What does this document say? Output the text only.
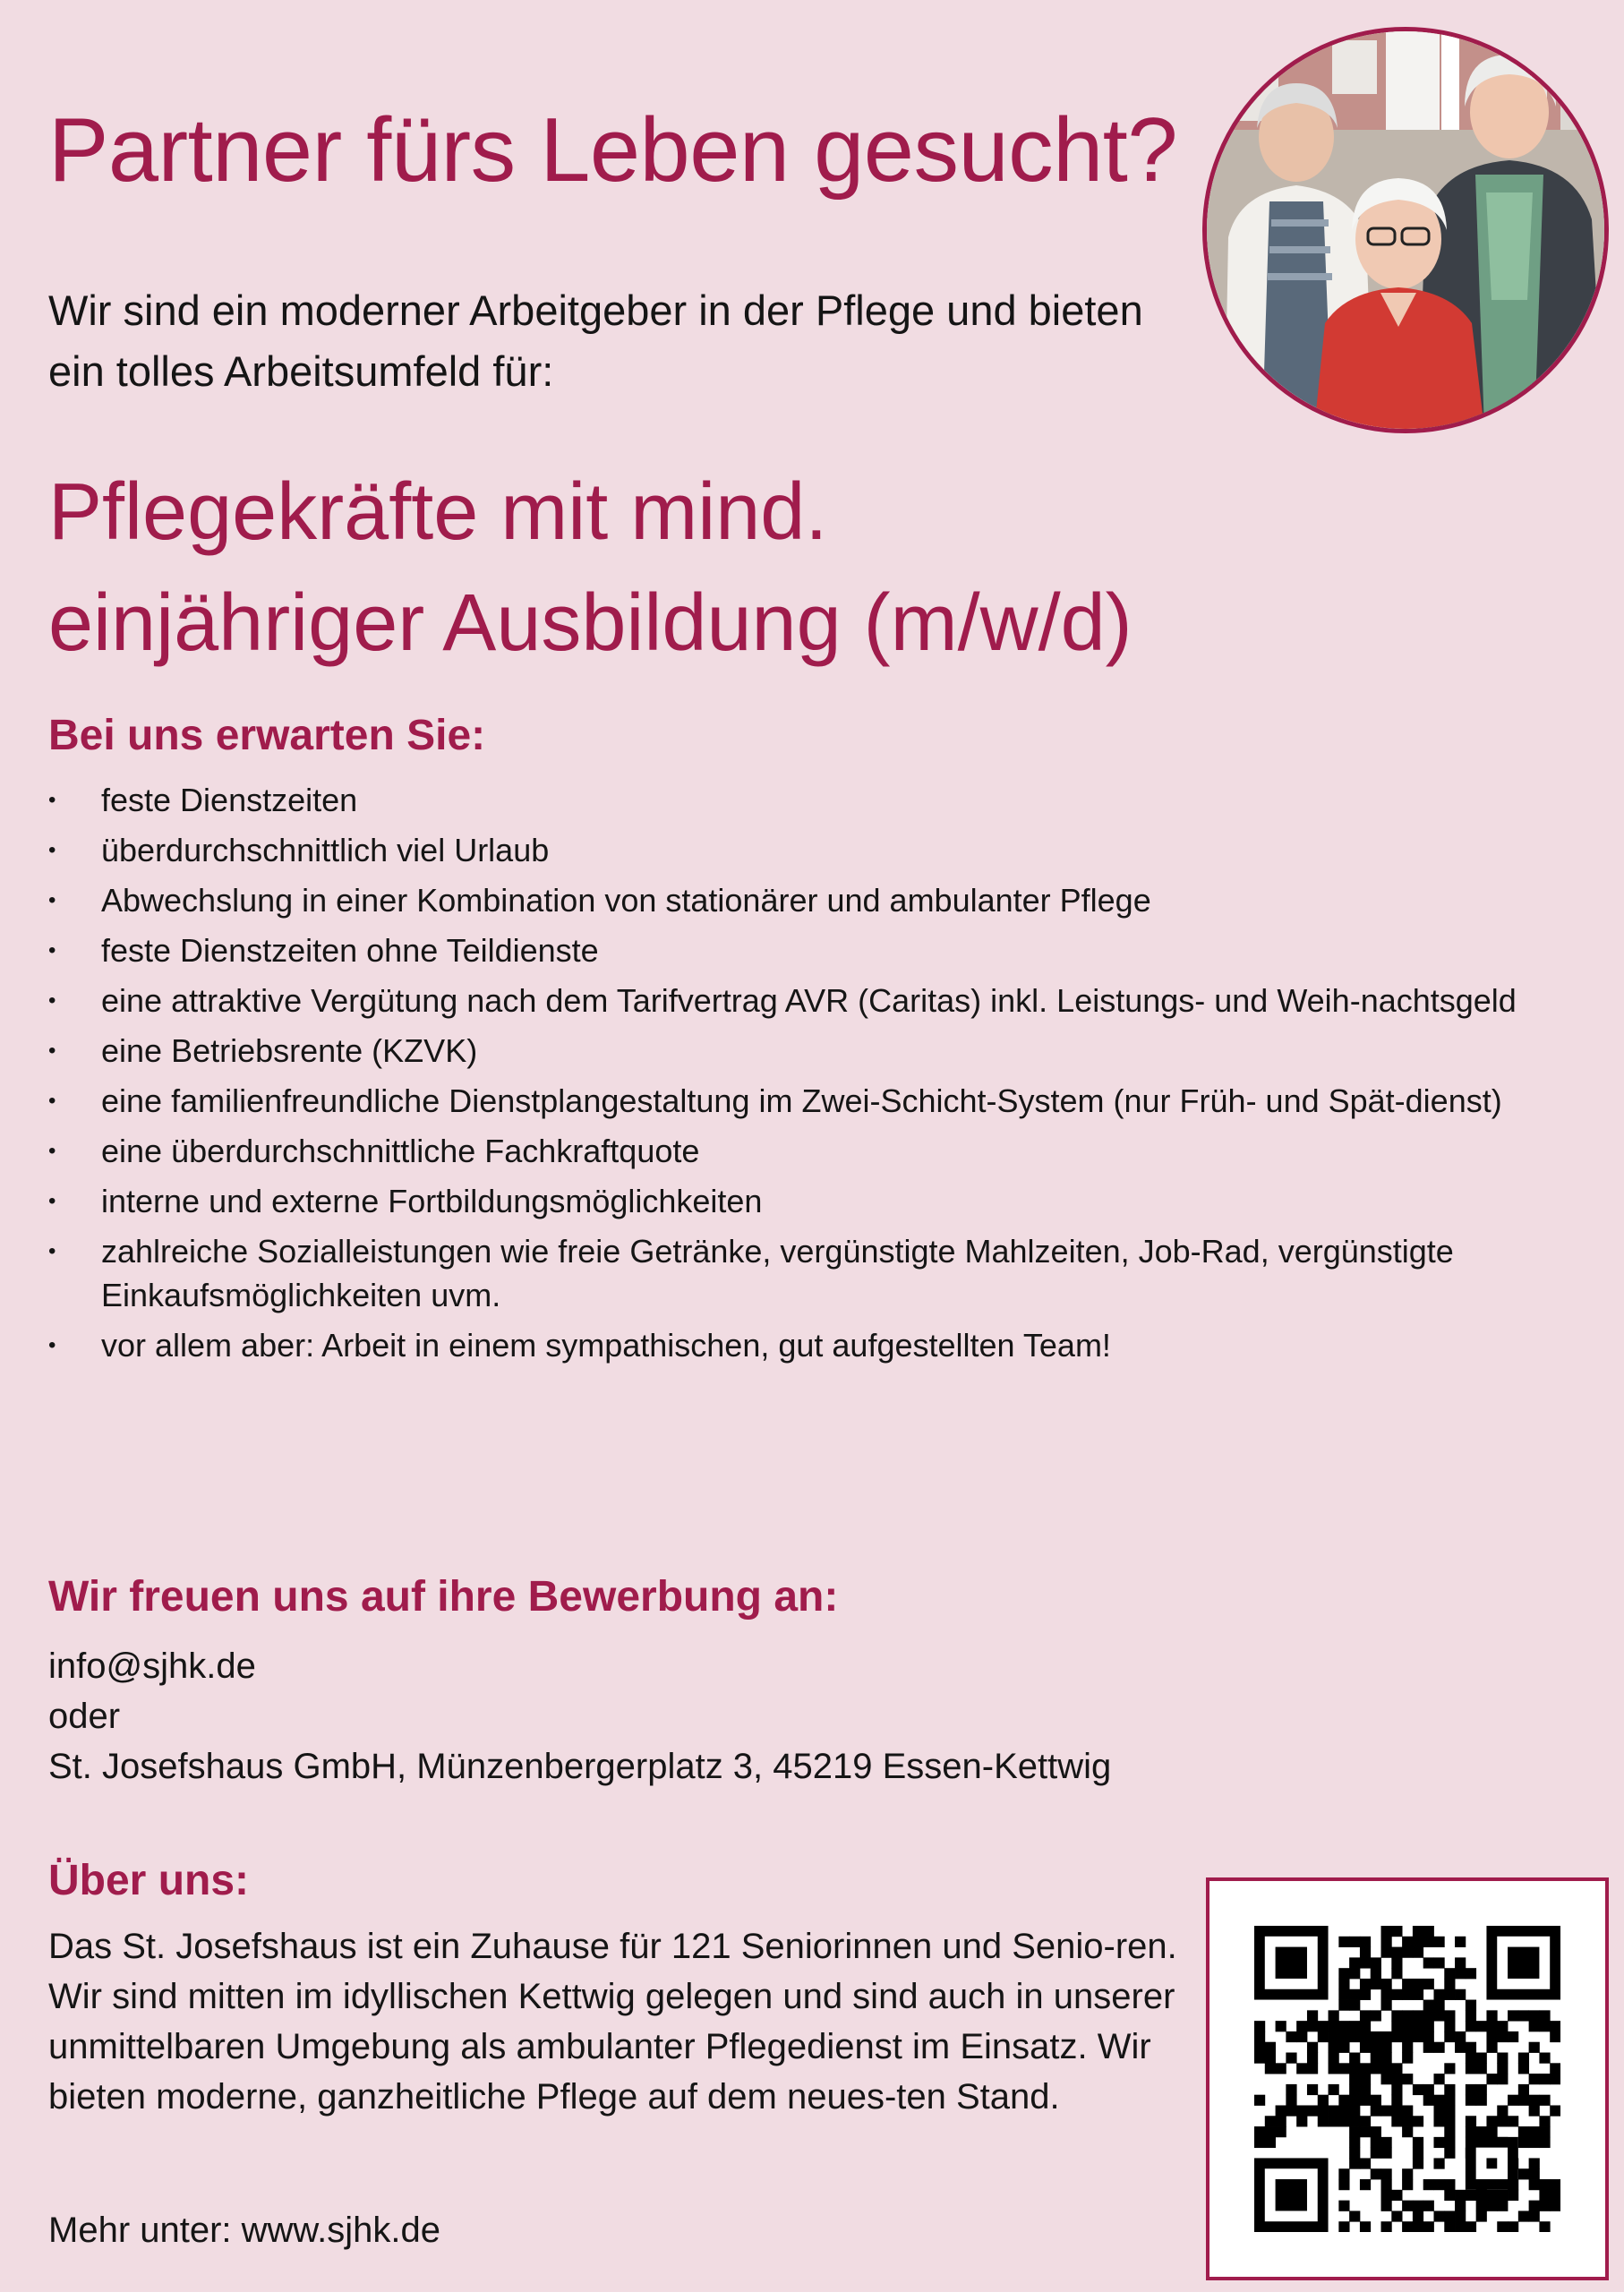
Partner fürs Leben gesucht?

Wir sind ein moderner Arbeitgeber in der Pflege und bieten ein tolles Arbeitsumfeld für:

Pflegekräfte mit mind.
einjähriger Ausbildung (m/w/d)
Bei uns erwarten Sie:
• feste Dienstzeiten
• überdurchschnittlich viel Urlaub
• Abwechslung in einer Kombination von stationärer und ambulanter Pflege
• feste Dienstzeiten ohne Teildienste
• eine attraktive Vergütung nach dem Tarifvertrag AVR (Caritas) inkl. Leistungs- und Weih-nachtsgeld
• eine Betriebsrente (KZVK)
• eine familienfreundliche Dienstplangestaltung im Zwei-Schicht-System (nur Früh- und Spät-dienst)
• eine überdurchschnittliche Fachkraftquote
• interne und externe Fortbildungsmöglichkeiten
• zahlreiche Sozialleistungen wie freie Getränke, vergünstigte Mahlzeiten, Job-Rad, vergünstigte Einkaufsmöglichkeiten uvm.
• vor allem aber: Arbeit in einem sympathischen, gut aufgestellten Team!
Wir freuen uns auf ihre Bewerbung an:
info@sjhk.de
oder
St. Josefshaus GmbH, Münzenbergerplatz 3, 45219 Essen-Kettwig
Über uns:

Das St. Josefshaus ist ein Zuhause für 121 Seniorinnen und Senio-ren. Wir sind mitten im idyllischen Kettwig gelegen und sind auch in unserer unmittelbaren Umgebung als ambulanter Pflegedienst im Einsatz. Wir bieten moderne, ganzheitliche Pflege auf dem neues-ten Stand.

Mehr unter: www.sjhk.de
